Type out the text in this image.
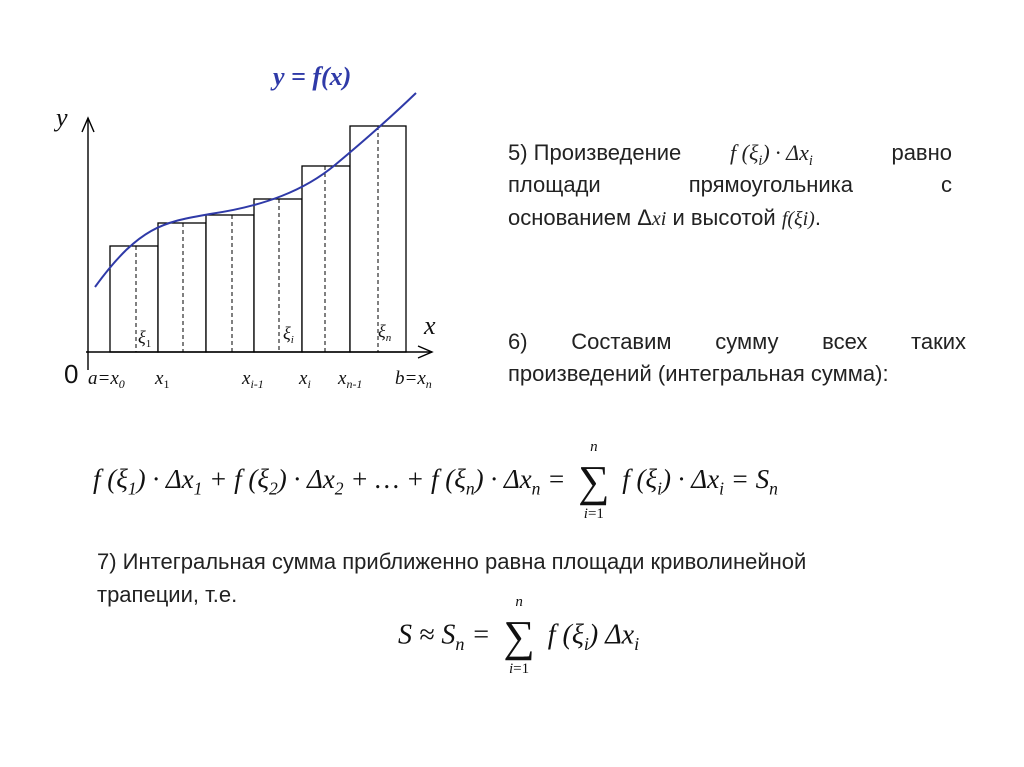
y = f(x)
y
x
0
$\xi_1$
$\xi_i$	$\xi_n$
$a=x_0$ $x_1$	$x_{i-1}$ $x_i$ $x_{n-1}$ $b=x_n$
5) Произведение f $(\xi_i) \cdot \Delta x_i$	равно
площади прямоугольника с
основанием Δxi и высотой f(ξi).
6) Составим сумму всех таких
произведений (интегральная сумма):
f $(\xi_1) \cdot \Delta x_1 + f$ $(\xi_2) \cdot \Delta x_2$ + … + f $(\xi_n) \cdot \Delta x_n$ =
n
∑
i=1
f $(\xi_i) \cdot \Delta x_i = S_n$
7) Интегральная сумма приближенно равна площади криволинейной
трапеции, т.е.
$S \approx S_n$ =
n
∑
i=1
f $(\xi_i)$ $\Delta x_i$
